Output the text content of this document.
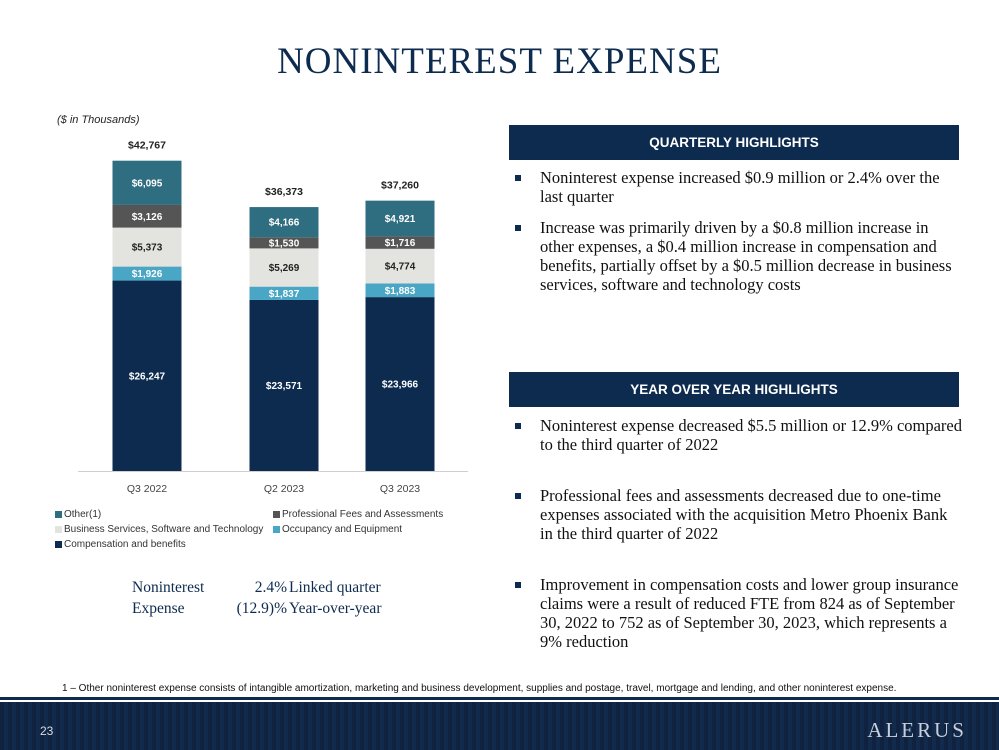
NONINTEREST EXPENSE
($ in Thousands)
$26,247
$1,926
$5,373
$3,126
$6,095
$42,767
Q3 2022
$23,571
$1,837
$5,269
$1,530
$4,166
$36,373
Q2 2023
$23,966
$1,883
$4,774
$1,716
$4,921
$37,260
Q3 2023
Other(1)	Professional Fees and Assessments
Business Services, Software and Technology Occupancy and Equipment
Compensation and benefits
Noninterest	2.4% Linked quarter
Expense	(12.9)% Year-over-year
QUARTERLY HIGHLIGHTS
Noninterest expense increased $0.9 million or 2.4% over the last quarter
Increase was primarily driven by a $0.8 million increase in other expenses, a $0.4 million increase in compensation and benefits, partially offset by a $0.5 million decrease in business services, software and technology costs
YEAR OVER YEAR HIGHLIGHTS
Noninterest expense decreased $5.5 million or 12.9% compared to the third quarter of 2022
Professional fees and assessments decreased due to one-time expenses associated with the acquisition Metro Phoenix Bank in the third quarter of 2022
Improvement in compensation costs and lower group insurance claims were a result of reduced FTE from 824 as of September 30, 2022 to 752 as of September 30, 2023, which represents a 9% reduction
1 – Other noninterest expense consists of intangible amortization, marketing and business development, supplies and postage, travel, mortgage and lending, and other noninterest expense.
23	ALERUS
